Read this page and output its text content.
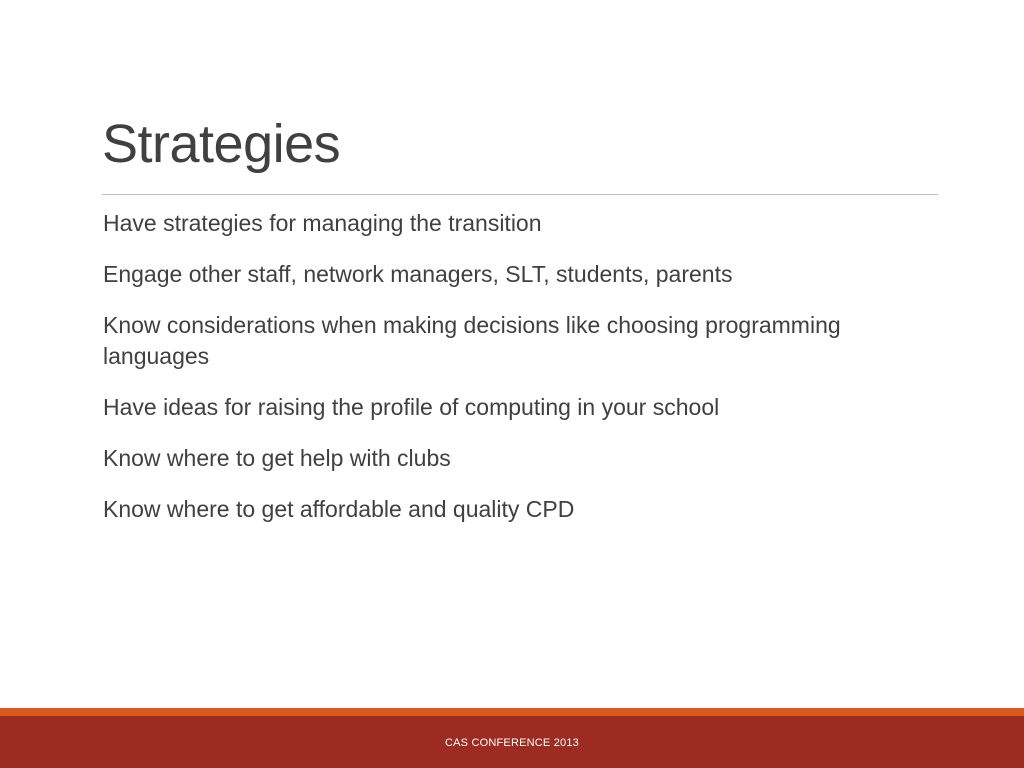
Strategies
Have strategies for managing the transition
Engage other staff, network managers, SLT, students, parents
Know considerations when making decisions like choosing programming languages
Have ideas for raising the profile of computing in your school
Know where to get help with clubs
Know where to get affordable and quality CPD
CAS CONFERENCE 2013
